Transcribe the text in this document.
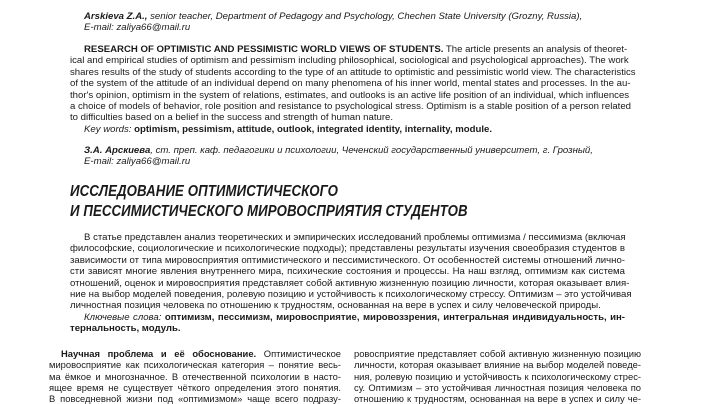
Arskieva Z.A., senior teacher, Department of Pedagogy and Psychology, Chechen State University (Grozny, Russia),
E-mail: zaliya66@mail.ru
RESEARCH OF OPTIMISTIC AND PESSIMISTIC WORLD VIEWS OF STUDENTS. The article presents an analysis of theoret-
ical and empirical studies of optimism and pessimism including philosophical, sociological and psychological approaches). The work
shares results of the study of students according to the type of an attitude to optimistic and pessimistic world view. The characteristics
of the system of the attitude of an individual depend on many phenomena of his inner world, mental states and processes. In the au-
thor's opinion, optimism in the system of relations, estimates, and outlooks is an active life position of an individual, which influences
a choice of models of behavior, role position and resistance to psychological stress. Optimism is a stable position of a person related
to difficulties based on a belief in the success and strength of human nature.
Key words: optimism, pessimism, attitude, outlook, integrated identity, internality, module.
З.А. Арскиева, ст. преп. каф. педагогики и психологии, Чеченский государственный университет, г. Грозный,
E-mail: zaliya66@mail.ru
ИССЛЕДОВАНИЕ ОПТИМИСТИЧЕСКОГО
И ПЕССИМИСТИЧЕСКОГО МИРОВОСПРИЯТИЯ СТУДЕНТОВ
В статье представлен анализ теоретических и эмпирических исследований проблемы оптимизма / пессимизма (включая
философские, социологические и психологические подходы); представлены результаты изучения своеобразия студентов в
зависимости от типа мировосприятия оптимистического и пессимистического. От особенностей системы отношений лично-
сти зависят многие явления внутреннего мира, психические состояния и процессы. На наш взгляд, оптимизм как система
отношений, оценок и мировосприятия представляет собой активную жизненную позицию личности, которая оказывает влия-
ние на выбор моделей поведения, ролевую позицию и устойчивость к психологическому стрессу. Оптимизм – это устойчивая
личностная позиция человека по отношению к трудностям, основанная на вере в успех и силу человеческой природы.
Ключевые слова: оптимизм, пессимизм, мировосприятие, мировоззрения, интегральная индивидуальность, ин-
тернальность, модуль.
Научная проблема и её обоснование. Оптимистическое
мировосприятие как психологическая категория – понятие весь-
ма ёмкое и многозначное. В отечественной психологии в насто-
ящее время не существует чёткого определения этого понятия.
В повседневной жизни под «оптимизмом» чаще всего подразу-
ровосприятие представляет собой активную жизненную позицию
личности, которая оказывает влияние на выбор моделей поведе-
ния, ролевую позицию и устойчивость к психологическому стрес-
су. Оптимизм – это устойчивая личностная позиция человека по
отношению к трудностям, основанная на вере в успех и силу че-
